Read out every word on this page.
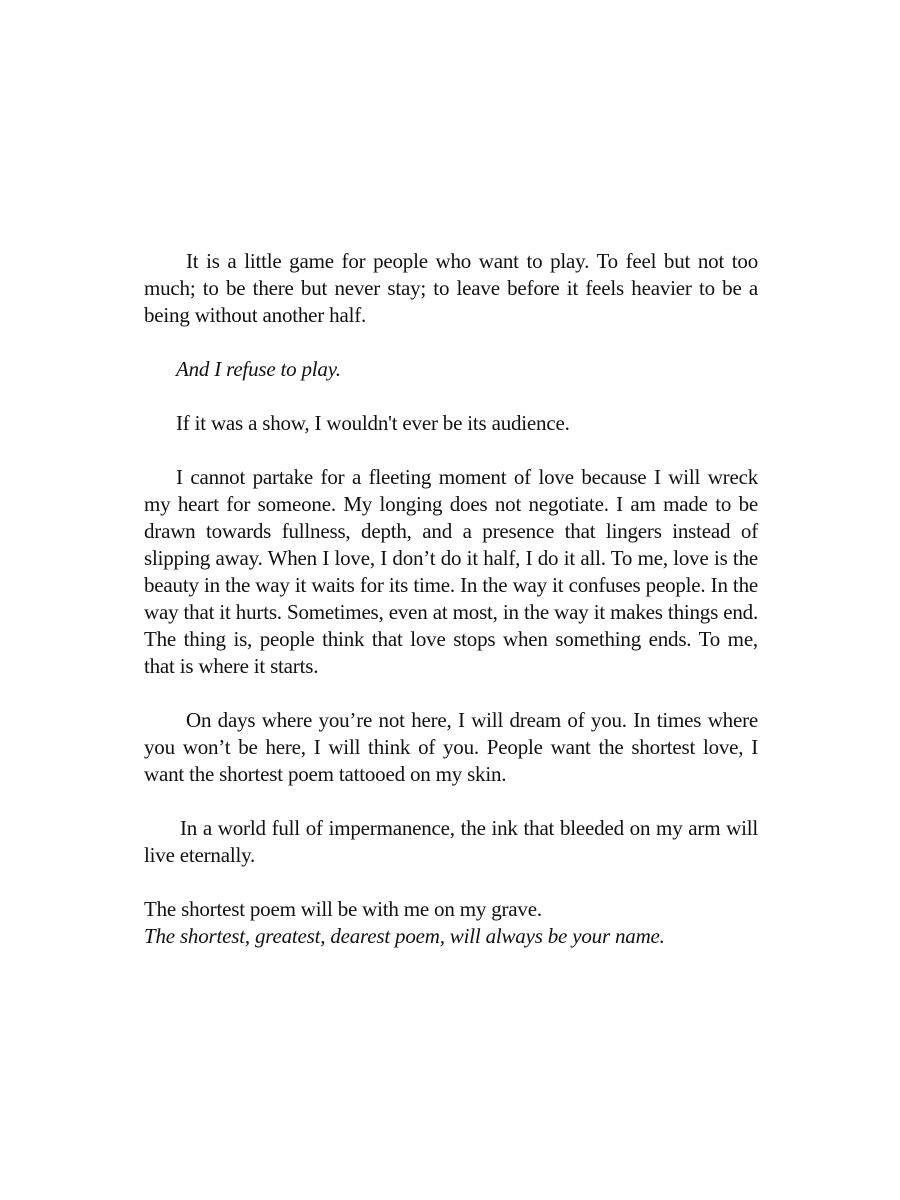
It is a little game for people who want to play. To feel but not too much; to be there but never stay; to leave before it feels heavier to be a being without another half.

And I refuse to play.

If it was a show, I wouldn't ever be its audience.

I cannot partake for a fleeting moment of love because I will wreck my heart for someone. My longing does not negotiate. I am made to be drawn towards fullness, depth, and a presence that lingers instead of slipping away. When I love, I don’t do it half, I do it all. To me, love is the beauty in the way it waits for its time. In the way it confuses people. In the way that it hurts. Sometimes, even at most, in the way it makes things end. The thing is, people think that love stops when something ends. To me, that is where it starts.

On days where you’re not here, I will dream of you. In times where you won’t be here, I will think of you. People want the shortest love, I want the shortest poem tattooed on my skin.

In a world full of impermanence, the ink that bleeded on my arm will live eternally.

The shortest poem will be with me on my grave.
The shortest, greatest, dearest poem, will always be your name.
